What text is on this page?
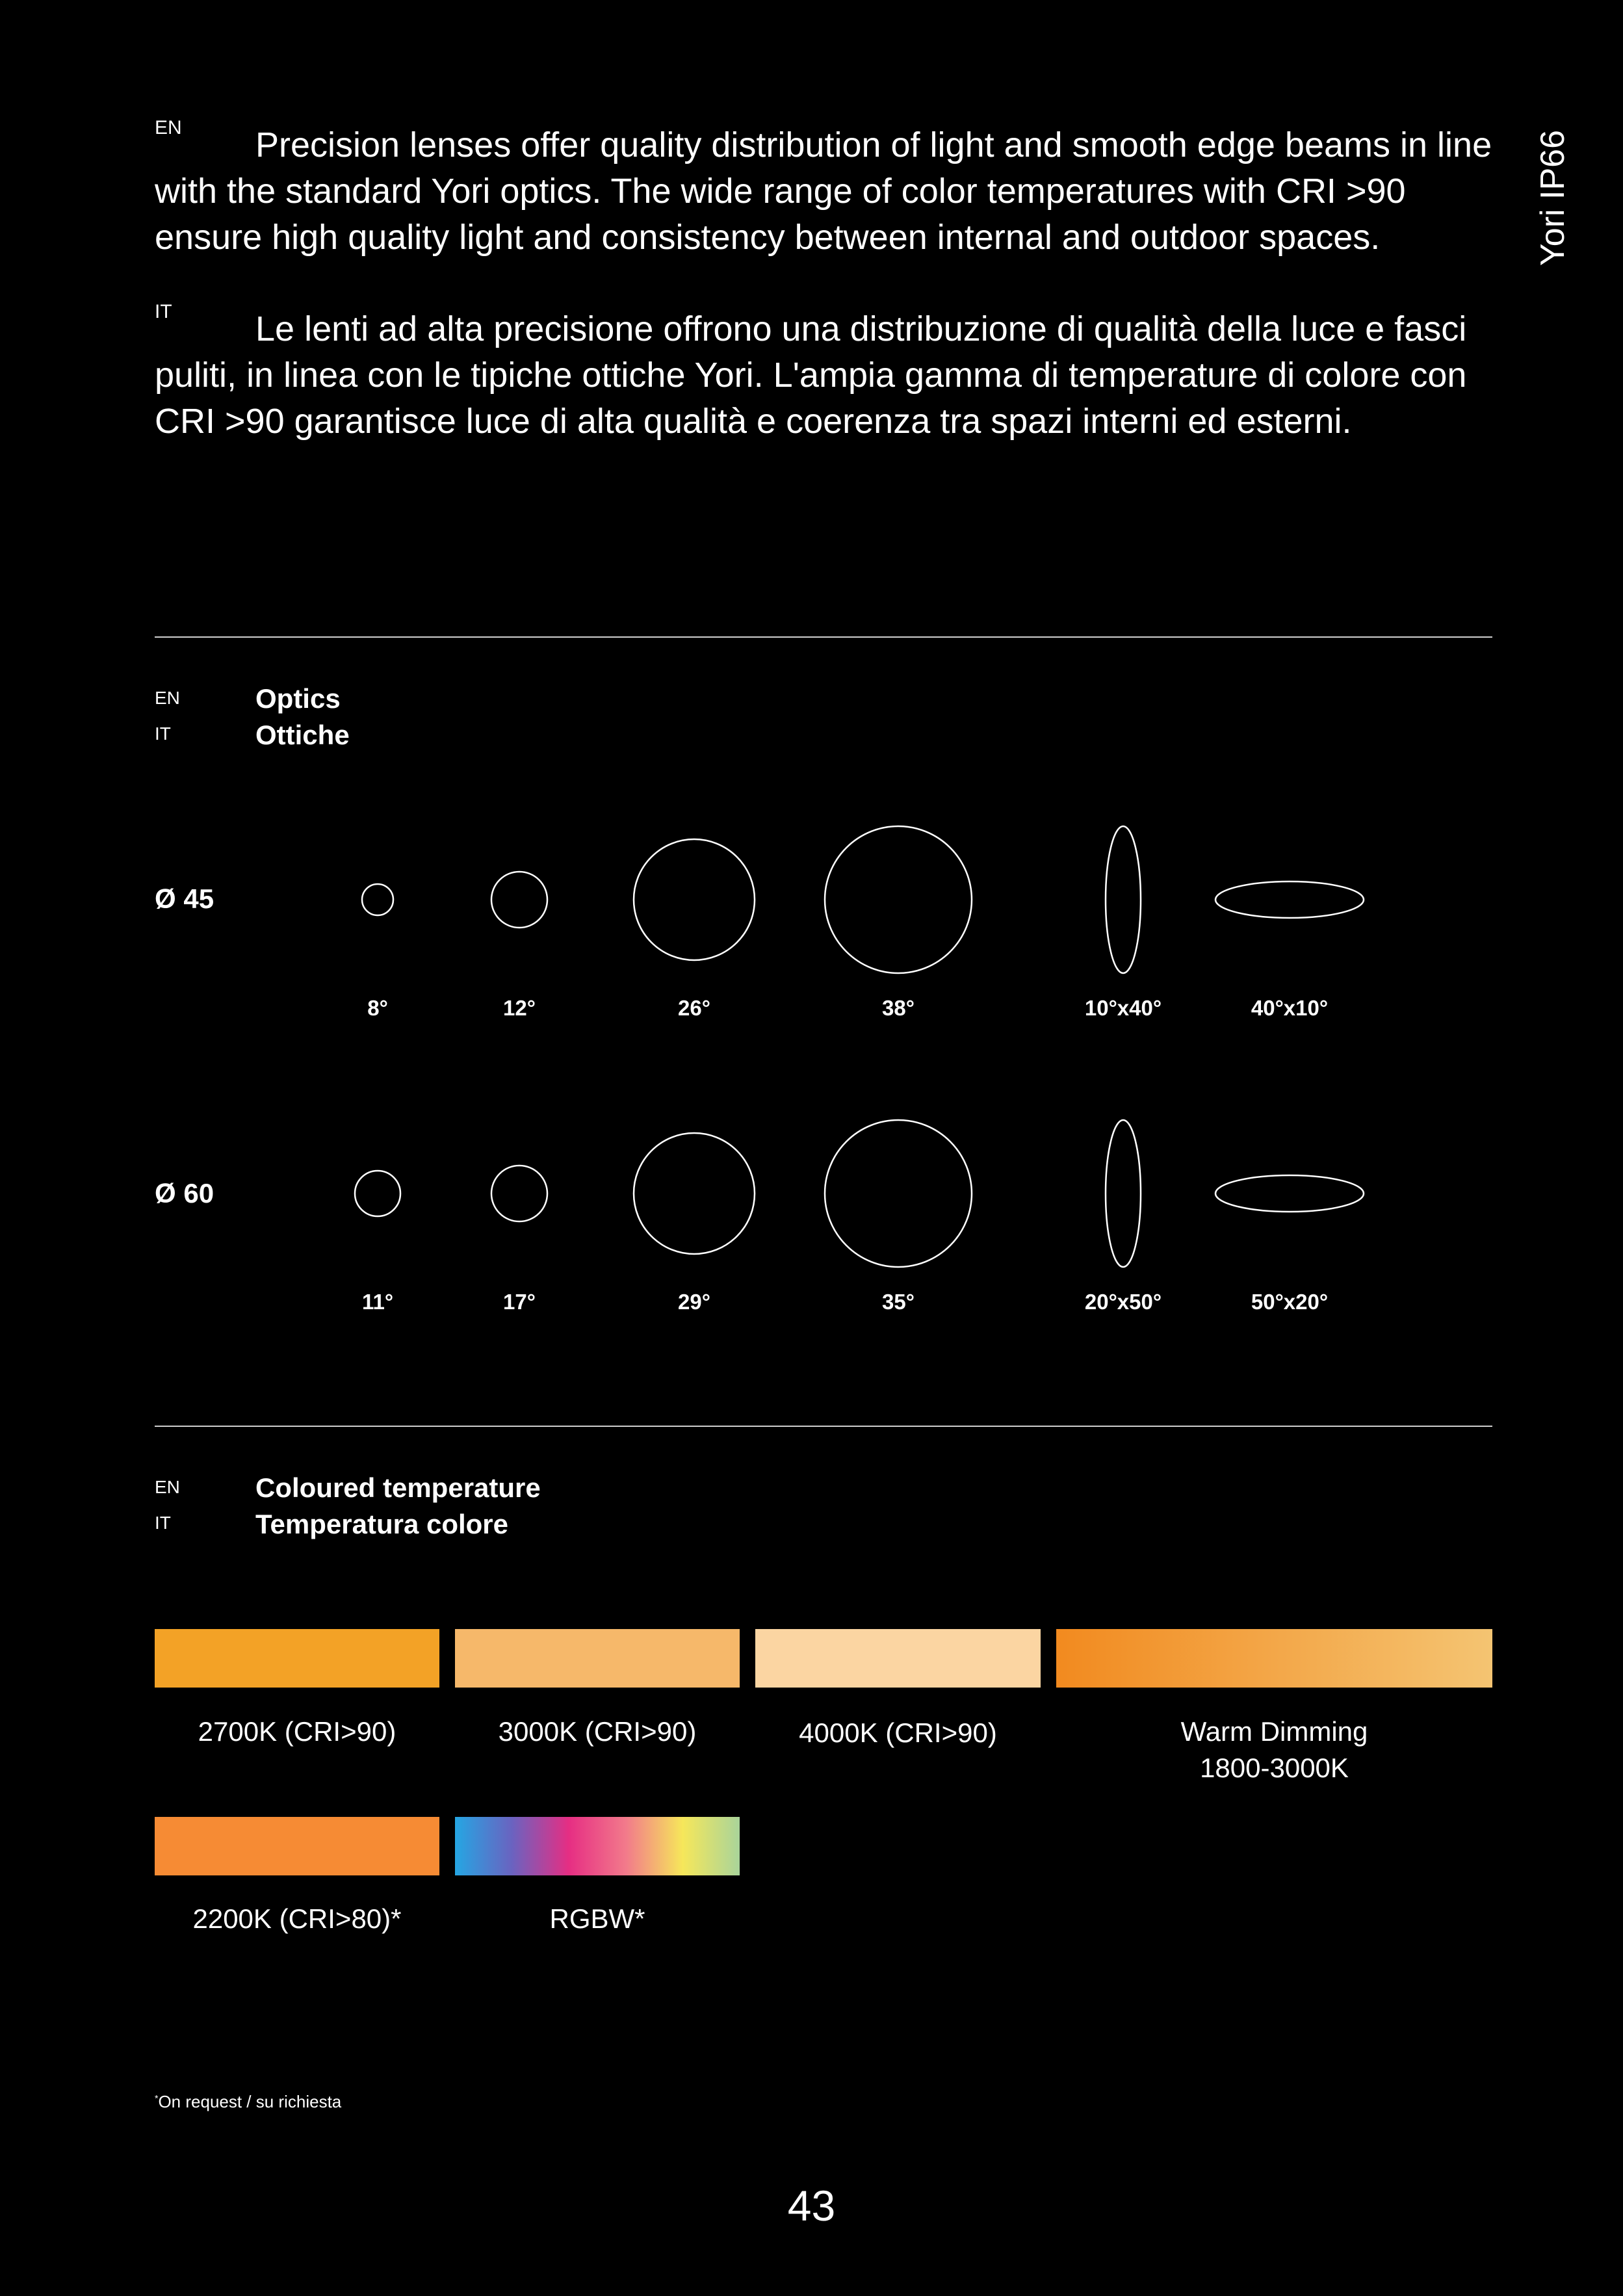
Yori IP66
EN	Precision lenses offer quality distribution of light and smooth edge beams in line with the standard Yori optics. The wide range of color temperatures with CRI >90 ensure high quality light and consistency between internal and outdoor spaces.

IT	Le lenti ad alta precisione offrono una distribuzione di qualità della luce e fasci puliti, in linea con le tipiche ottiche Yori. L'ampia gamma di temperature di colore con CRI >90 garantisce luce di alta qualità e coerenza tra spazi interni ed esterni.

EN	Optics
IT	Ottiche
Ø 45
8°	12°	26°	38°	10°x40°	40°x10°
Ø 60
11°	17°	29°	35°	20°x50°	50°x20°
EN	Coloured temperature
IT	Temperatura colore
2700K (CRI>90)	3000K (CRI>90)	4000K (CRI>90)	Warm Dimming
1800-3000K
2200K (CRI>80)*	RGBW*
*On request / su richiesta
43
